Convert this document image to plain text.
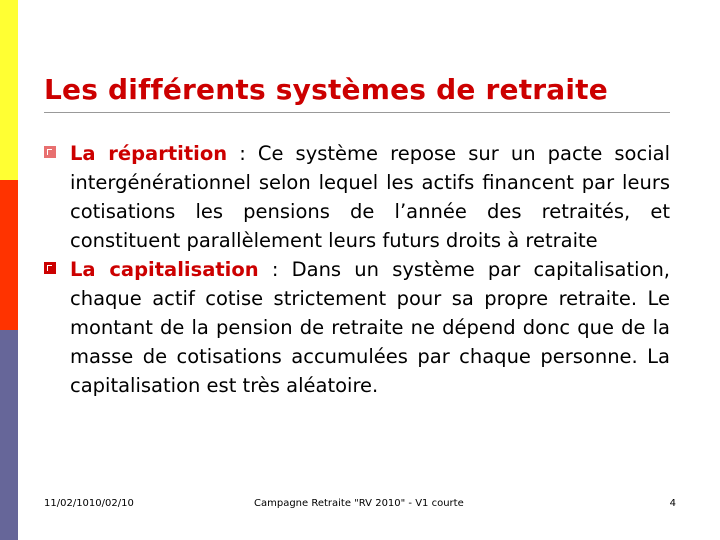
Les différents systèmes de retraite
La répartition : Ce système repose sur un pacte social intergénérationnel selon lequel les actifs financent par leurs cotisations les pensions de l’année des retraités, et constituent parallèlement leurs futurs droits à retraite
La capitalisation : Dans un système par capitalisation, chaque actif cotise strictement pour sa propre retraite. Le montant de la pension de retraite ne dépend donc que de la masse de cotisations accumulées par chaque personne. La capitalisation est très aléatoire.
11/02/1010/02/10	Campagne Retraite "RV 2010" - V1 courte	4
